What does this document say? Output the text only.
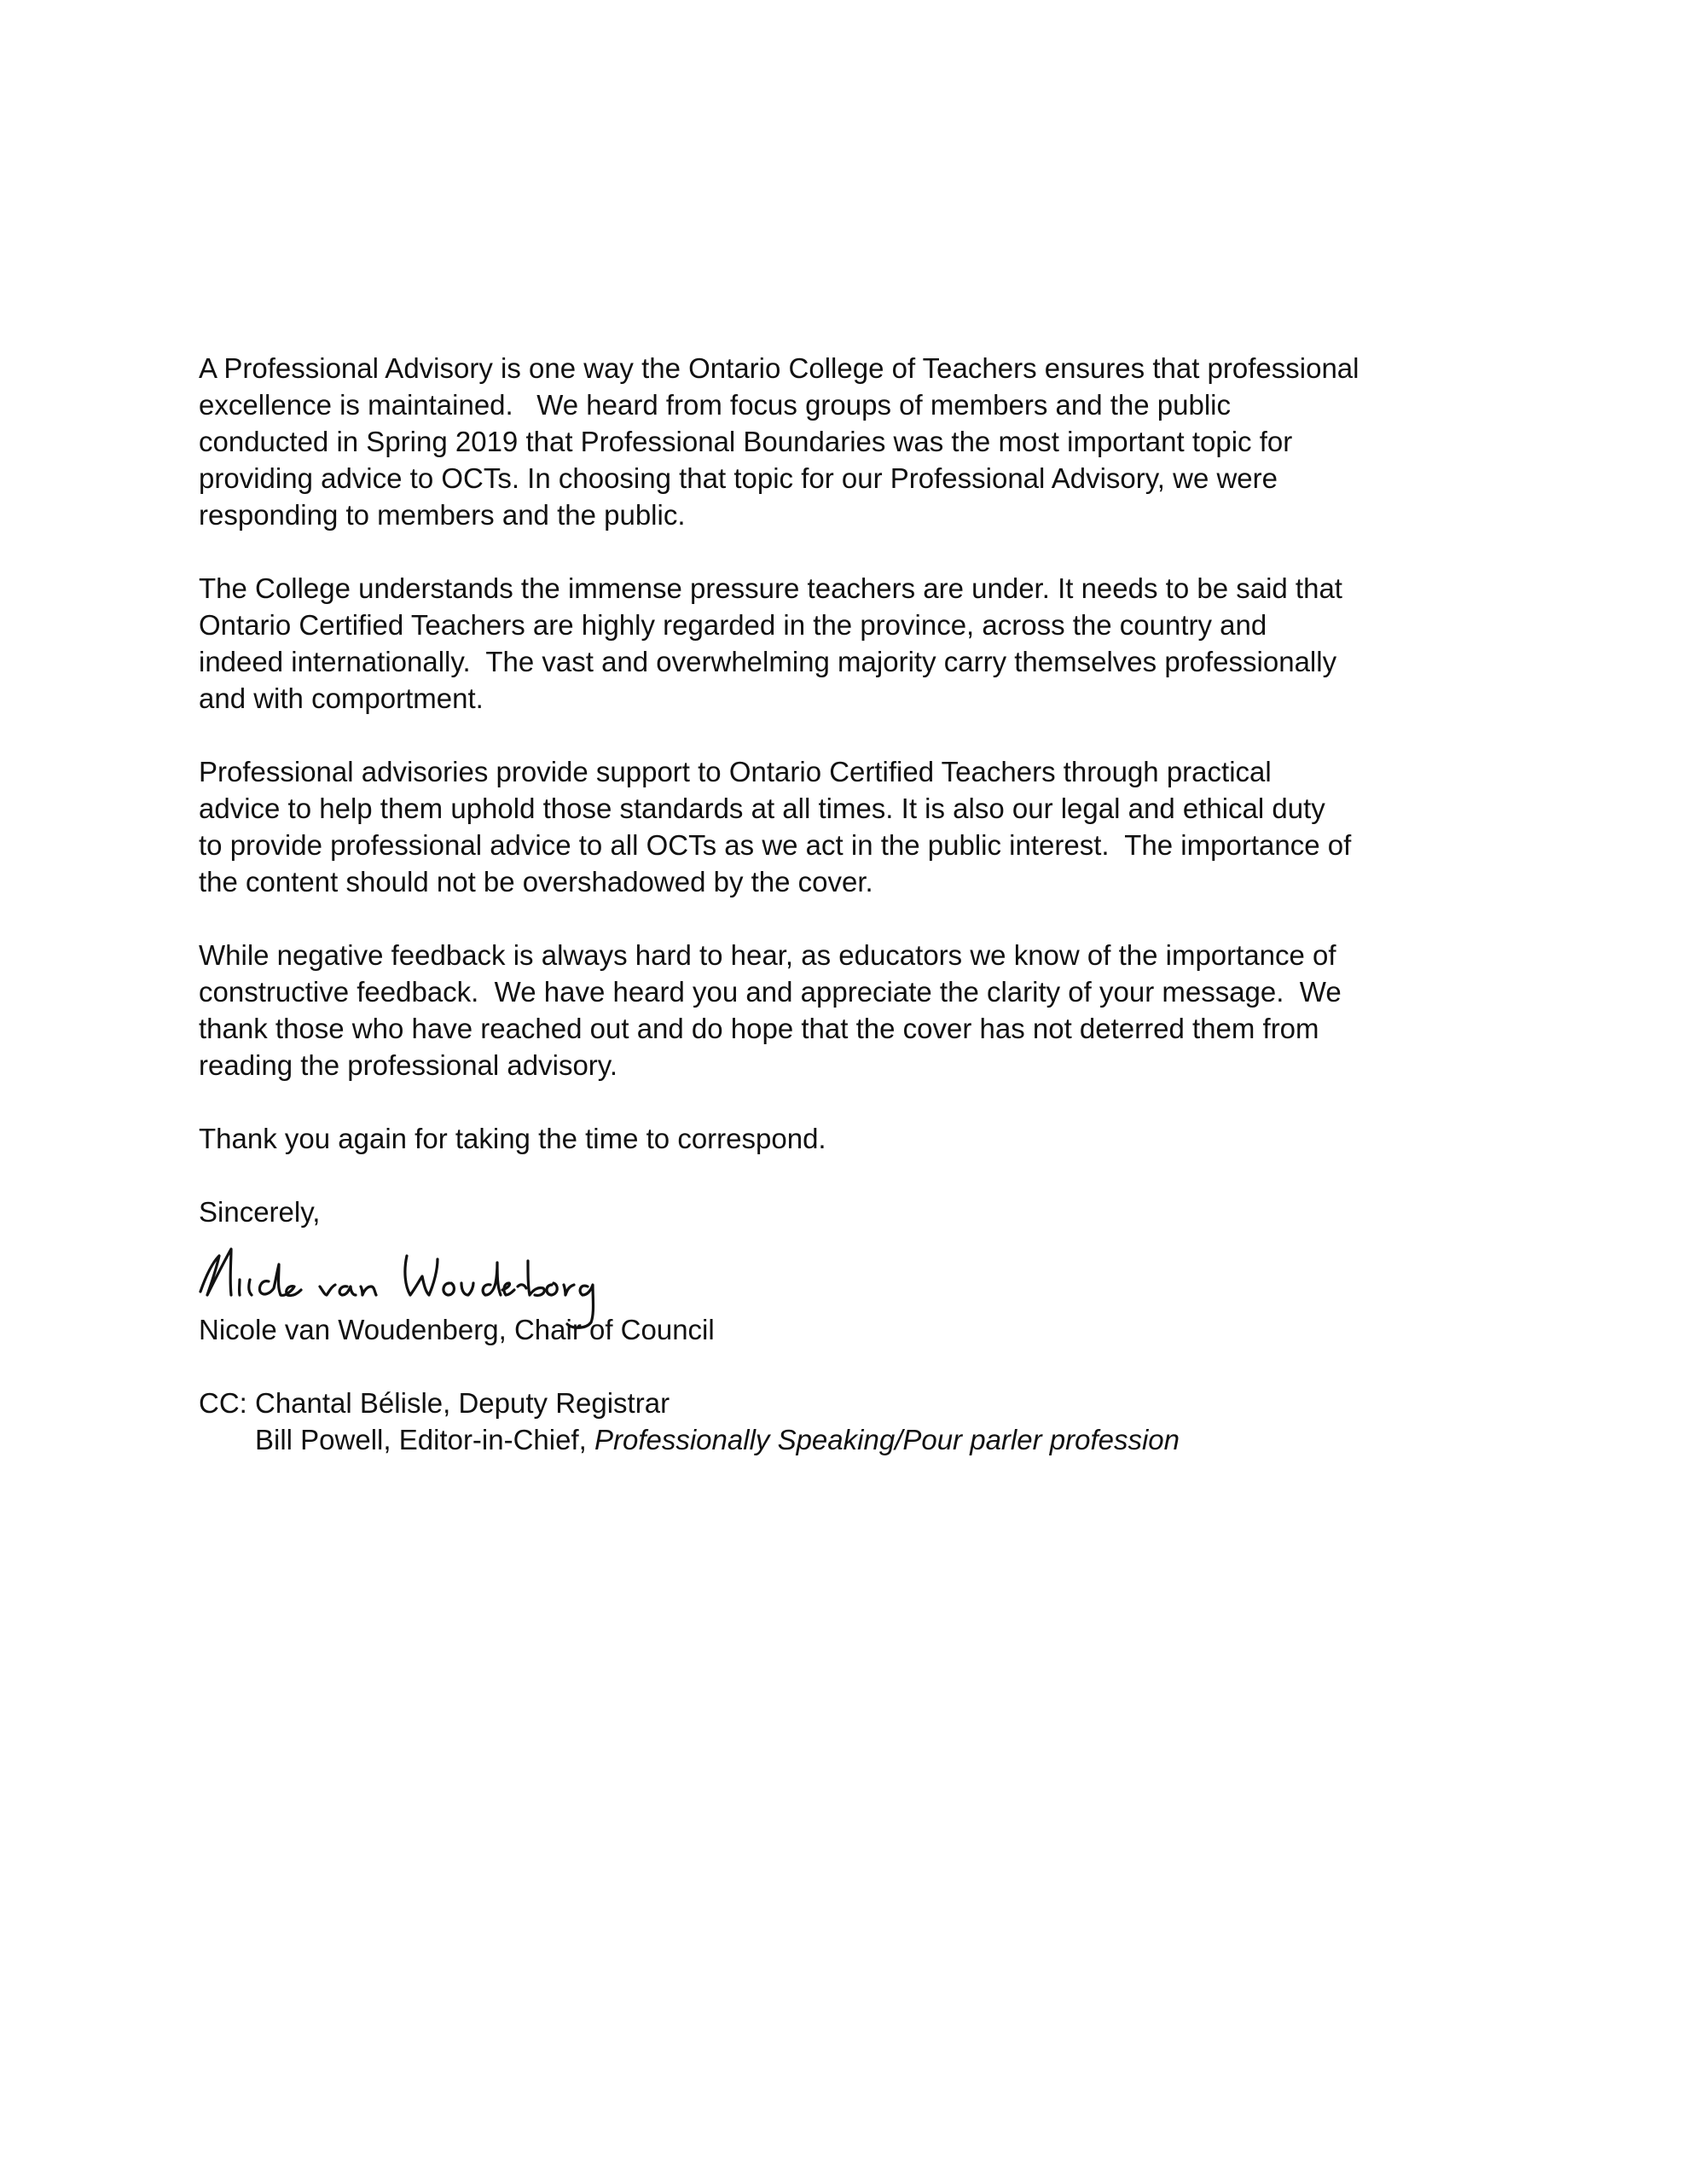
A Professional Advisory is one way the Ontario College of Teachers ensures that professional
excellence is maintained.   We heard from focus groups of members and the public
conducted in Spring 2019 that Professional Boundaries was the most important topic for
providing advice to OCTs. In choosing that topic for our Professional Advisory, we were
responding to members and the public.

The College understands the immense pressure teachers are under. It needs to be said that
Ontario Certified Teachers are highly regarded in the province, across the country and
indeed internationally.  The vast and overwhelming majority carry themselves professionally
and with comportment.

Professional advisories provide support to Ontario Certified Teachers through practical
advice to help them uphold those standards at all times. It is also our legal and ethical duty
to provide professional advice to all OCTs as we act in the public interest.  The importance of
the content should not be overshadowed by the cover.

While negative feedback is always hard to hear, as educators we know of the importance of
constructive feedback.  We have heard you and appreciate the clarity of your message.  We
thank those who have reached out and do hope that the cover has not deterred them from
reading the professional advisory.

Thank you again for taking the time to correspond.

Sincerely,

Nicole van Woudenberg, Chair of Council
CC: Chantal Bélisle, Deputy Registrar
Bill Powell, Editor-in-Chief, Professionally Speaking/Pour parler profession
